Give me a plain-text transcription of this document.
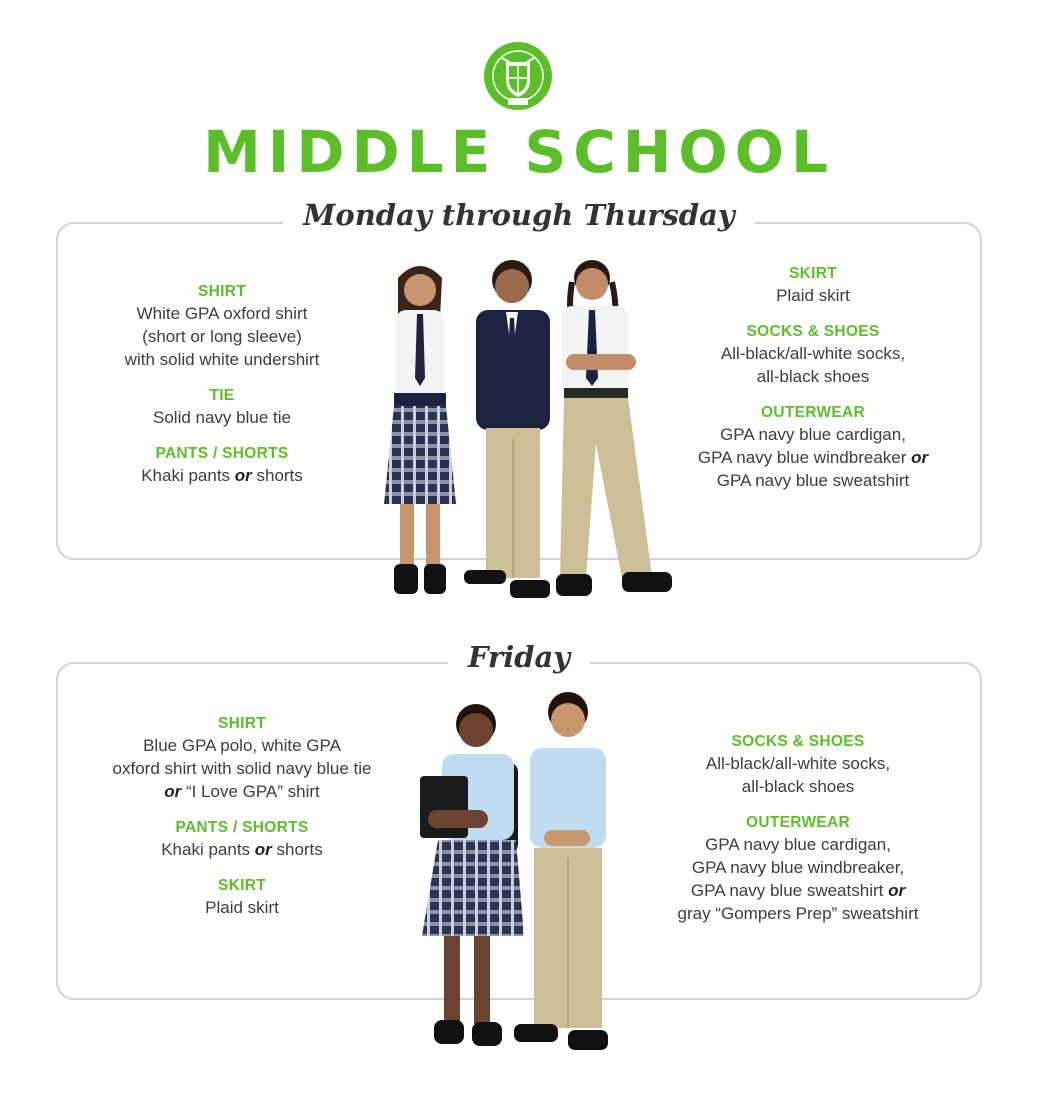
MIDDLE SCHOOL
Monday through Thursday
SHIRT
White GPA oxford shirt
(short or long sleeve)
with solid white undershirt
TIE
Solid navy blue tie
PANTS / SHORTS
Khaki pants or shorts
SKIRT
Plaid skirt
SOCKS & SHOES
All-black/all-white socks,
all-black shoes
OUTERWEAR
GPA navy blue cardigan,
GPA navy blue windbreaker or
GPA navy blue sweatshirt
Friday
SHIRT
Blue GPA polo, white GPA
oxford shirt with solid navy blue tie
or “I Love GPA” shirt
PANTS / SHORTS
Khaki pants or shorts
SKIRT
Plaid skirt
SOCKS & SHOES
All-black/all-white socks,
all-black shoes
OUTERWEAR
GPA navy blue cardigan,
GPA navy blue windbreaker,
GPA navy blue sweatshirt or
gray “Gompers Prep” sweatshirt
